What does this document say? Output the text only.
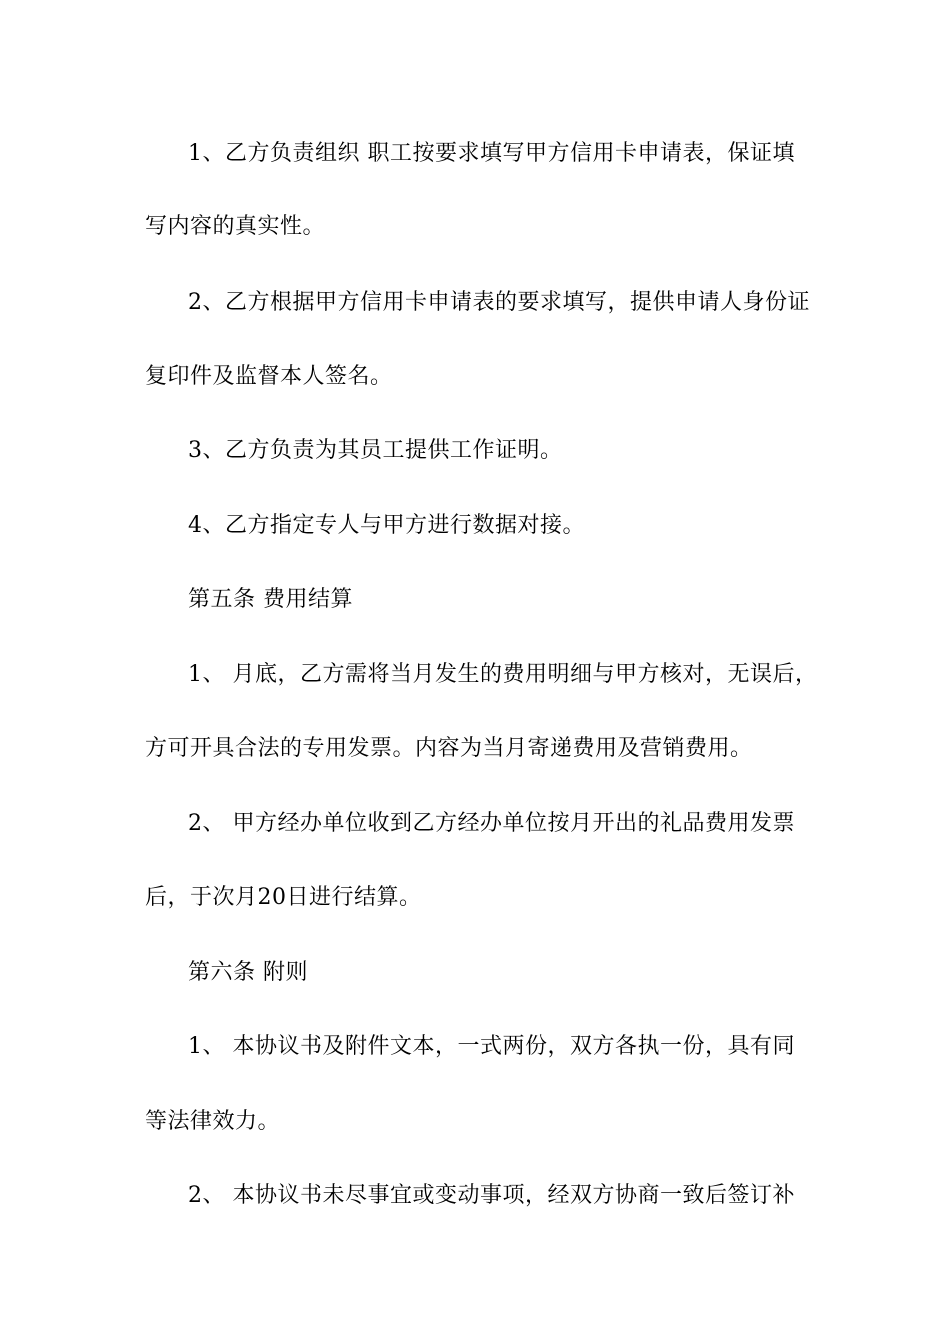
1、乙方负责组织 职工按要求填写甲方信用卡申请表，保证填
写内容的真实性。
2、乙方根据甲方信用卡申请表的要求填写，提供申请人身份证
复印件及监督本人签名。
3、乙方负责为其员工提供工作证明。
4、乙方指定专人与甲方进行数据对接。
第五条 费用结算
1、 月底，乙方需将当月发生的费用明细与甲方核对，无误后，
方可开具合法的专用发票。内容为当月寄递费用及营销费用。
2、 甲方经办单位收到乙方经办单位按月开出的礼品费用发票
后，于次月20日进行结算。
第六条 附则
1、 本协议书及附件文本，一式两份，双方各执一份，具有同
等法律效力。
2、 本协议书未尽事宜或变动事项，经双方协商一致后签订补
